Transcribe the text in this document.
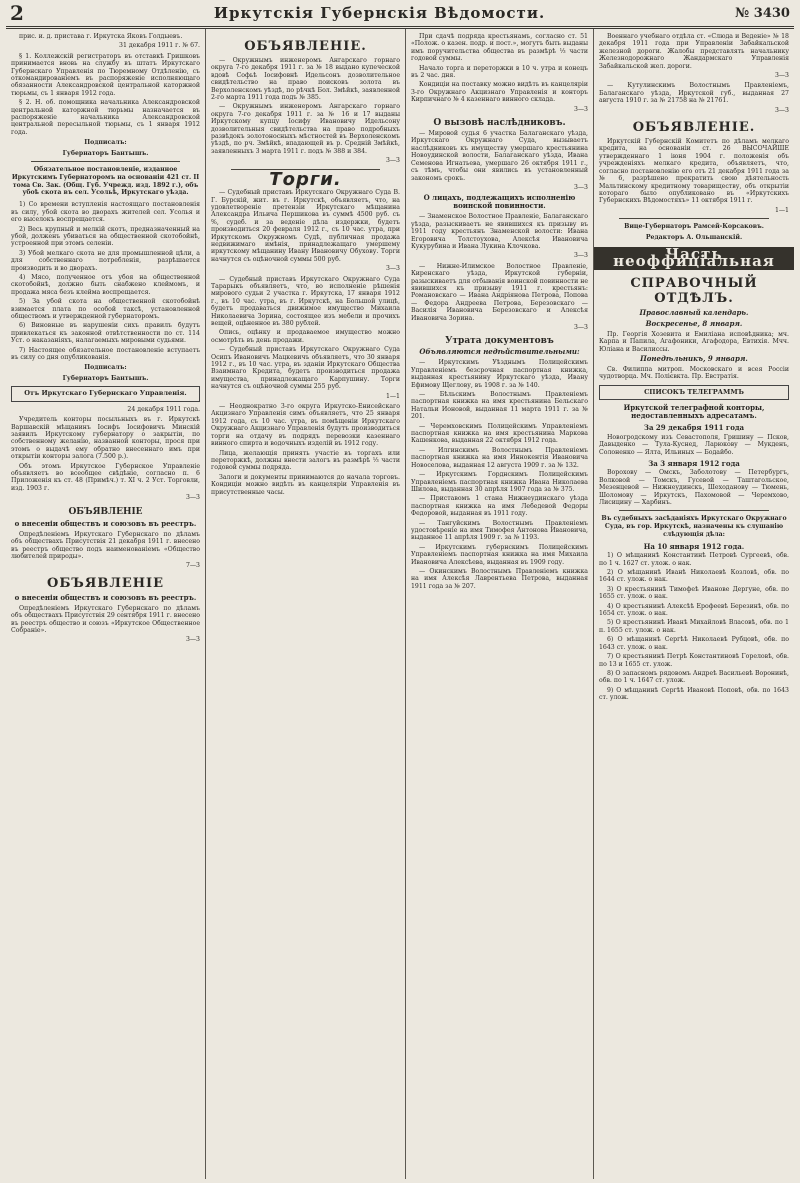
2	Иркутскія Губернскія Вѣдомости.	№ 3430

прис. и. д. пристава г. Иркутска Яковъ Голдыевъ.

31 декабря 1911 г. № 67.

§ 1. Коллежскій регистраторъ въ отставкѣ Гришковъ принимается вновь на службу въ штатъ Иркутскаго Губернскаго Управленія по Тюремному Отдѣленію, съ откомандированіемъ въ распоряженіе исполняющаго обязанности Александровской центральной каторжной тюрьмы, съ 1 января 1912 года.

§ 2. Н. об. помощника начальника Александровской центральной каторжной тюрьмы назначается въ распоряженіе начальника Александровской центральной пересыльной тюрьмы, съ 1 января 1912 года.

Подписалъ:
Губернаторъ Бантышъ.
Обязательное постановленіе, изданное Иркутскимъ Губернаторомъ на основаніи 421 ст. II тома Св. Зак. (Общ. Губ. Учрежд. изд. 1892 г.), объ убоѣ скота въ сел. Усольѣ, Иркутскаго уѣзда.

1) Со времени вступленія настоящаго постановленія въ силу, убой скота во дворахъ жителей сел. Усолья и его выселокъ воспрещается.

2) Весь крупный и мелкій скотъ, предназначенный на убой, долженъ убиваться на общественной скотобойнѣ, устроенной при этомъ селеніи.

3) Убой мелкаго скота не для промышленной цѣли, а для собственнаго потребленія, разрѣшается производить и во дворахъ.

4) Мясо, полученное отъ убоя на общественной скотобойнѣ, должно быть снабжено клеймомъ, и продажа мяса безъ клейма воспрещается.

5) За убой скота на общественной скотобойнѣ взимается плата по особой таксѣ, установленной обществомъ и утвержденной губернаторомъ.

6) Виновные въ нарушеніи сихъ правилъ будутъ привлекаться къ законной отвѣтственности по ст. 114 Уст. о наказаніяхъ, налагаемыхъ мировыми судьями.

7) Настоящее обязательное постановленіе вступаетъ въ силу со дня опубликованія.

Подписалъ:
Губернаторъ Бантышъ.
Отъ Иркутскаго Губернскаго Управленія.
24 декабря 1911 года.

Учредитель конторы посыльныхъ въ г. Иркутскѣ Варшавскій мѣщанинъ Іосифъ Іосифовичъ Минскій заявилъ Иркутскому губернатору о закрытіи, по собственному желанію, названной конторы, прося при этомъ о выдачѣ ему обратно внесеннаго имъ при открытіи конторы залога (7.500 р.).

Объ этомъ Иркутское Губернское Управленіе объявляетъ во всеобщее свѣдѣніе, согласно п. 6 Приложенія къ ст. 48 (Примѣч.) т. XI ч. 2 Уст. Торговли, изд. 1903 г.

3—3
ОБЪЯВЛЕНІЕ
о внесеніи обществъ и союзовъ въ реестръ.

Опредѣленіемъ Иркутскаго Губернскаго по дѣламъ объ обществахъ Присутствія 21 декабря 1911 г. внесено въ реестръ общество подъ наименованіемъ «Общество любителей природы».

7—3
ОБЪЯВЛЕНІЕ
о внесеніи обществъ и союзовъ въ реестръ.

Опредѣленіемъ Иркутскаго Губернскаго по дѣламъ объ обществахъ Присутствія 29 сентября 1911 г. внесено въ реестръ общество и союзъ «Иркутское Общественное Собраніе».

3—3
ОБЪЯВЛЕНІЕ.

— Окружнымъ инженеромъ Ангарскаго горнаго округа 7-го декабря 1911 г. за № 18 выдано купеческой вдовѣ Софьѣ Іосифовнѣ Идельсонъ дозволительное свидѣтельство на право поисковъ золота въ Верхоленскомъ уѣздѣ, по рѣчкѣ Бол. Змѣйкѣ, заявленной 2-го марта 1911 года подъ № 385.

— Окружнымъ инженеромъ Ангарскаго горнаго округа 7-го декабря 1911 г. за № 16 и 17 выданы Иркутскому купцу Іосифу Ивановичу Идельсону дозволительныя свидѣтельства на право подробныхъ развѣдокъ золотоносныхъ мѣстностей въ Верхоленскомъ уѣздѣ, по рч. Змѣйкѣ, впадающей въ р. Средній Змѣйкѣ, заявленныхъ 3 марта 1911 г. подъ № 388 и 384.

3—3
Торги.

— Судебный приставъ Иркутскаго Окружнаго Суда В. Г. Бурскій, жит. въ г. Иркутскѣ, объявляетъ, что, на удовлетвореніе претензіи Иркутскаго мѣщанина Александра Ильича Першикова въ суммѣ 4500 руб. съ %, судеб. и за веденіе дѣла издержки, будетъ производиться 20 февраля 1912 г., съ 10 час. утра, при Иркутскомъ Окружномъ Судѣ, публичная продажа недвижимаго имѣнія, принадлежащаго умершему иркутскому мѣщанину Ивану Ивановичу Обухову. Торги начнутся съ оцѣночной суммы 500 руб.

3—3

— Судебный приставъ Иркутскаго Окружнаго Суда Тарарыкъ объявляетъ, что, во исполненіе рѣшенія мирового судьи 2 участка г. Иркутска, 17 января 1912 г., въ 10 час. утра, въ г. Иркутскѣ, на Большой улицѣ, будетъ продаваться движимое имущество Михаила Николаевича Зорина, состоящее изъ мебели и прочихъ вещей, оцѣненное въ 380 рублей.

Опись, оцѣнку и продаваемое имущество можно осмотрѣть въ день продажи.

— Судебный приставъ Иркутскаго Окружнаго Суда Осипъ Ивановичъ Мацкевичъ объявляетъ, что 30 января 1912 г., въ 10 час. утра, въ зданіи Иркутскаго Общества Взаимнаго Кредита, будетъ производиться продажа имущества, принадлежащаго Карпушину. Торги начнутся съ оцѣночной суммы 255 руб.

1—1

— Неоднократно 3-го округа Иркутско-Енисейскаго Акцизнаго Управленія симъ объявляетъ, что 25 января 1912 года, съ 10 час. утра, въ помѣщеніи Иркутскаго Окружнаго Акцизнаго Управленія будутъ производиться торги на отдачу въ подрядъ перевозки казеннаго винного спирта и водочныхъ изделій въ 1912 году.

Лица, желающія принять участіе въ торгахъ или переторжкѣ, должны внести залогъ въ размѣрѣ ⅓ части годовой суммы подряда.

Залоги и документы принимаются до начала торговъ. Кондиціи можно видѣть въ канцеляріи Управленія въ присутственные часы.

При сдачѣ подряда крестьянамъ, согласно ст. 51 «Полож. о казен. подр. и пост.», могутъ быть выданы имъ поручительства общества въ размѣрѣ ⅓ части годовой суммы.

Начало торга и переторжки в 10 ч. утра и конецъ въ 2 час. дня.

Кондиціи на поставку можно видѣть въ канцеляріи 3-го Окружнаго Акцизнаго Управленія и конторъ Кирпичнаго № 4 казеннаго винного склада.

3—3
О вызовѣ наслѣдниковъ.

— Мировой судья 6 участка Балаганскаго уѣзда, Иркутскаго Окружнаго Суда, вызываетъ наслѣдниковъ къ имуществу умершаго крестьянина Новоудинской волости, Балаганскаго уѣзда, Ивана Семенова Игнатьева, умершаго 26 октября 1911 г., съ тѣмъ, чтобы они явились въ установленный закономъ срокъ.

3—3
О лицахъ, подлежащихъ исполненію воинской повинности.

— Знаменское Волостное Правленіе, Балаганскаго уѣзда, разыскиваетъ не явившихся къ призыву въ 1911 году крестьянъ Знаменской волости: Ивана Егоровича Толстоухова, Алексѣя Ивановича Кукурубина и Ивана Лукина Клочкова.

3—3

— Нижне-Илимское Волостное Правленіе, Киренскаго уѣзда, Иркутской губерніи, разыскиваетъ для отбыванія воинской повинности не явившихся къ призыву 1911 г. крестьянъ: Романовскаго — Ивана Андріянова Петрова, Попова — Федора Андреева Петрова, Березовскаго — Василія Ивановича Березовскаго и Алексѣя Ивановича Зорина.

3—3
Утрата документовъ
Объявляются недѣйствительными:

— Иркутскимъ Уѣзднымъ Полицейскимъ Управленіемъ безсрочная паспортная книжка, выданная крестьянину Иркутскаго уѣзда, Ивану Ефимову Щеглову, въ 1908 г. за № 140.

— Бѣльскимъ Волостнымъ Правленіемъ паспортная книжка на имя крестьянина Бельскаго Натальи Ионовой, выданная 11 марта 1911 г. за № 201.

— Черемховскимъ Полицейскимъ Управленіемъ паспортная книжка на имя крестьянина Маркова Кашенкова, выданная 22 октября 1912 года.

— Илгинскимъ Волостнымъ Правленіемъ паспортная книжка на имя Иннокентія Ивановича Новоселова, выданная 12 августа 1909 г. за № 132.

— Иркутскимъ Горднскимъ Полицейскимъ Управленіемъ паспортная книжка Ивана Николаева Шилова, выданная 30 апрѣля 1907 года за № 375.

— Приставомъ 1 стана Нижнеудинскаго уѣзда паспортная книжка на имя Лебедевой Федоры Федоровой, выданная въ 1911 году.

— Тангуйскимъ Волостнымъ Правленіемъ удостовѣреніе на имя Тимофея Антонова Ивановича, выданное 11 апрѣля 1909 г. за № 1193.

— Иркутскимъ губернскимъ Полицейскимъ Управленіемъ паспортная книжка на имя Михаила Ивановича Алексѣева, выданная въ 1909 году.

— Окинскимъ Волостнымъ Правленіемъ книжка на имя Алексѣя Лаврентьева Петрова, выданная 1911 года за № 207.

Военнаго учебнаго отдѣла ст. «Слюда и Веденіе» № 18 декабря 1911 года при Управленіи Забайкальской железной дороги. Жалобы представлять начальнику Железнодорожнаго Жандармскаго Управленія Забайкальской жел. дороги.

3—3

— Кутулинскимъ Волостнымъ Правленіемъ, Балаганскаго уѣзда, Иркутской губ., выданная 27 августа 1910 г. за № 21758 на № 21761.

3—3
ОБЪЯВЛЕНІЕ.

Иркутскій Губернскій Комитетъ по дѣламъ мелкаго кредита, на основаніи ст. 26 ВЫСОЧАЙШЕ утвержденнаго 1 іюня 1904 г. положенія объ учрежденіяхъ мелкаго кредита, объявляетъ, что, согласно постановленію его отъ 21 декабря 1911 года за № 6, разрѣшено прекратить свою дѣятельность Мальтинскому кредитному товариществу, объ открытіи котораго было опубликовано въ «Иркутскихъ Губернскихъ Вѣдомостяхъ» 11 октября 1911 г.

1—1
Вице-Губернаторъ Рамсей-Корсаковъ.
Редакторъ А. Ольшанскій.
Часть неоффиціальная
СПРАВОЧНЫЙ ОТДѢЛЪ.
Православный календарь.
Воскресенье, 8 января.

Пр. Георгія Хозевита и Емиліана исповѣдника; мч. Карпа и Папила, Агафоники, Агафодора, Евтихія. Мчч. Юліана и Василиссы.

Понедѣльникъ, 9 января.

Св. Филиппа митроп. Московскаго и всея Россіи чудотворца. Мч. Полієвкта. Пр. Евстратія.

СПИСОКЪ ТЕЛЕГРАММЪ
Иркутской телеграфной конторы, недоставленныхъ адресатамъ.
За 29 декабря 1911 года

Новогродскому изъ Севастополя, Гришину — Псков, Давыденко — Тула-Куснед, Ларюкову — Мукденъ, Солоненко — Ялта, Ильиных — Бодайбо.

За 3 января 1912 года

Ворохову — Омскъ, Заболотову — Петербургъ, Волковой — Томскъ, Гусевой — Таштагольское, Мезенцевой — Нижнеудинскъ, Шеходанову — Тюмень, Шоломову — Иркутскъ, Пахомовой — Черемхово, Лисицину — Харбинъ.

Въ судебныхъ засѣданіяхъ Иркутскаго Окружнаго Суда, въ гор. Иркутскѣ, назначены къ слушанію слѣдующія дѣла:
На 10 января 1912 года.

1) О мѣщанинѣ Константинѣ Петровѣ Сургеевѣ, обв. по 1 ч. 1627 ст. улож. о нак.

2) О мѣщанинѣ Иванѣ Николаевѣ Козловѣ, обв. по 1644 ст. улож. о нак.

3) О крестьянинѣ Тимофеѣ Иванове Дергуне, обв. по 1655 ст. улож. о нак.

4) О крестьянинѣ Алексѣѣ Ерофеевѣ Березинѣ, обв. по 1654 ст. улож. о нак.

5) О крестьянинѣ Иванѣ Михайловѣ Власовѣ, обв. по 1 п. 1655 ст. улож. о нак.

6) О мѣщанинѣ Сергѣѣ Николаевѣ Рубцовѣ, обв. по 1643 ст. улож. о нак.

7) О крестьянинѣ Петрѣ Константиновѣ Гореловѣ, обв. по 13 и 1655 ст. улож.

8) О запасномъ рядовомъ Андреѣ Васильевѣ Воронинѣ, обв. по 1 ч. 1647 ст. улож.

9) О мѣщанинѣ Сергѣѣ Ивановѣ Поповѣ, обв. по 1643 ст. улож.
